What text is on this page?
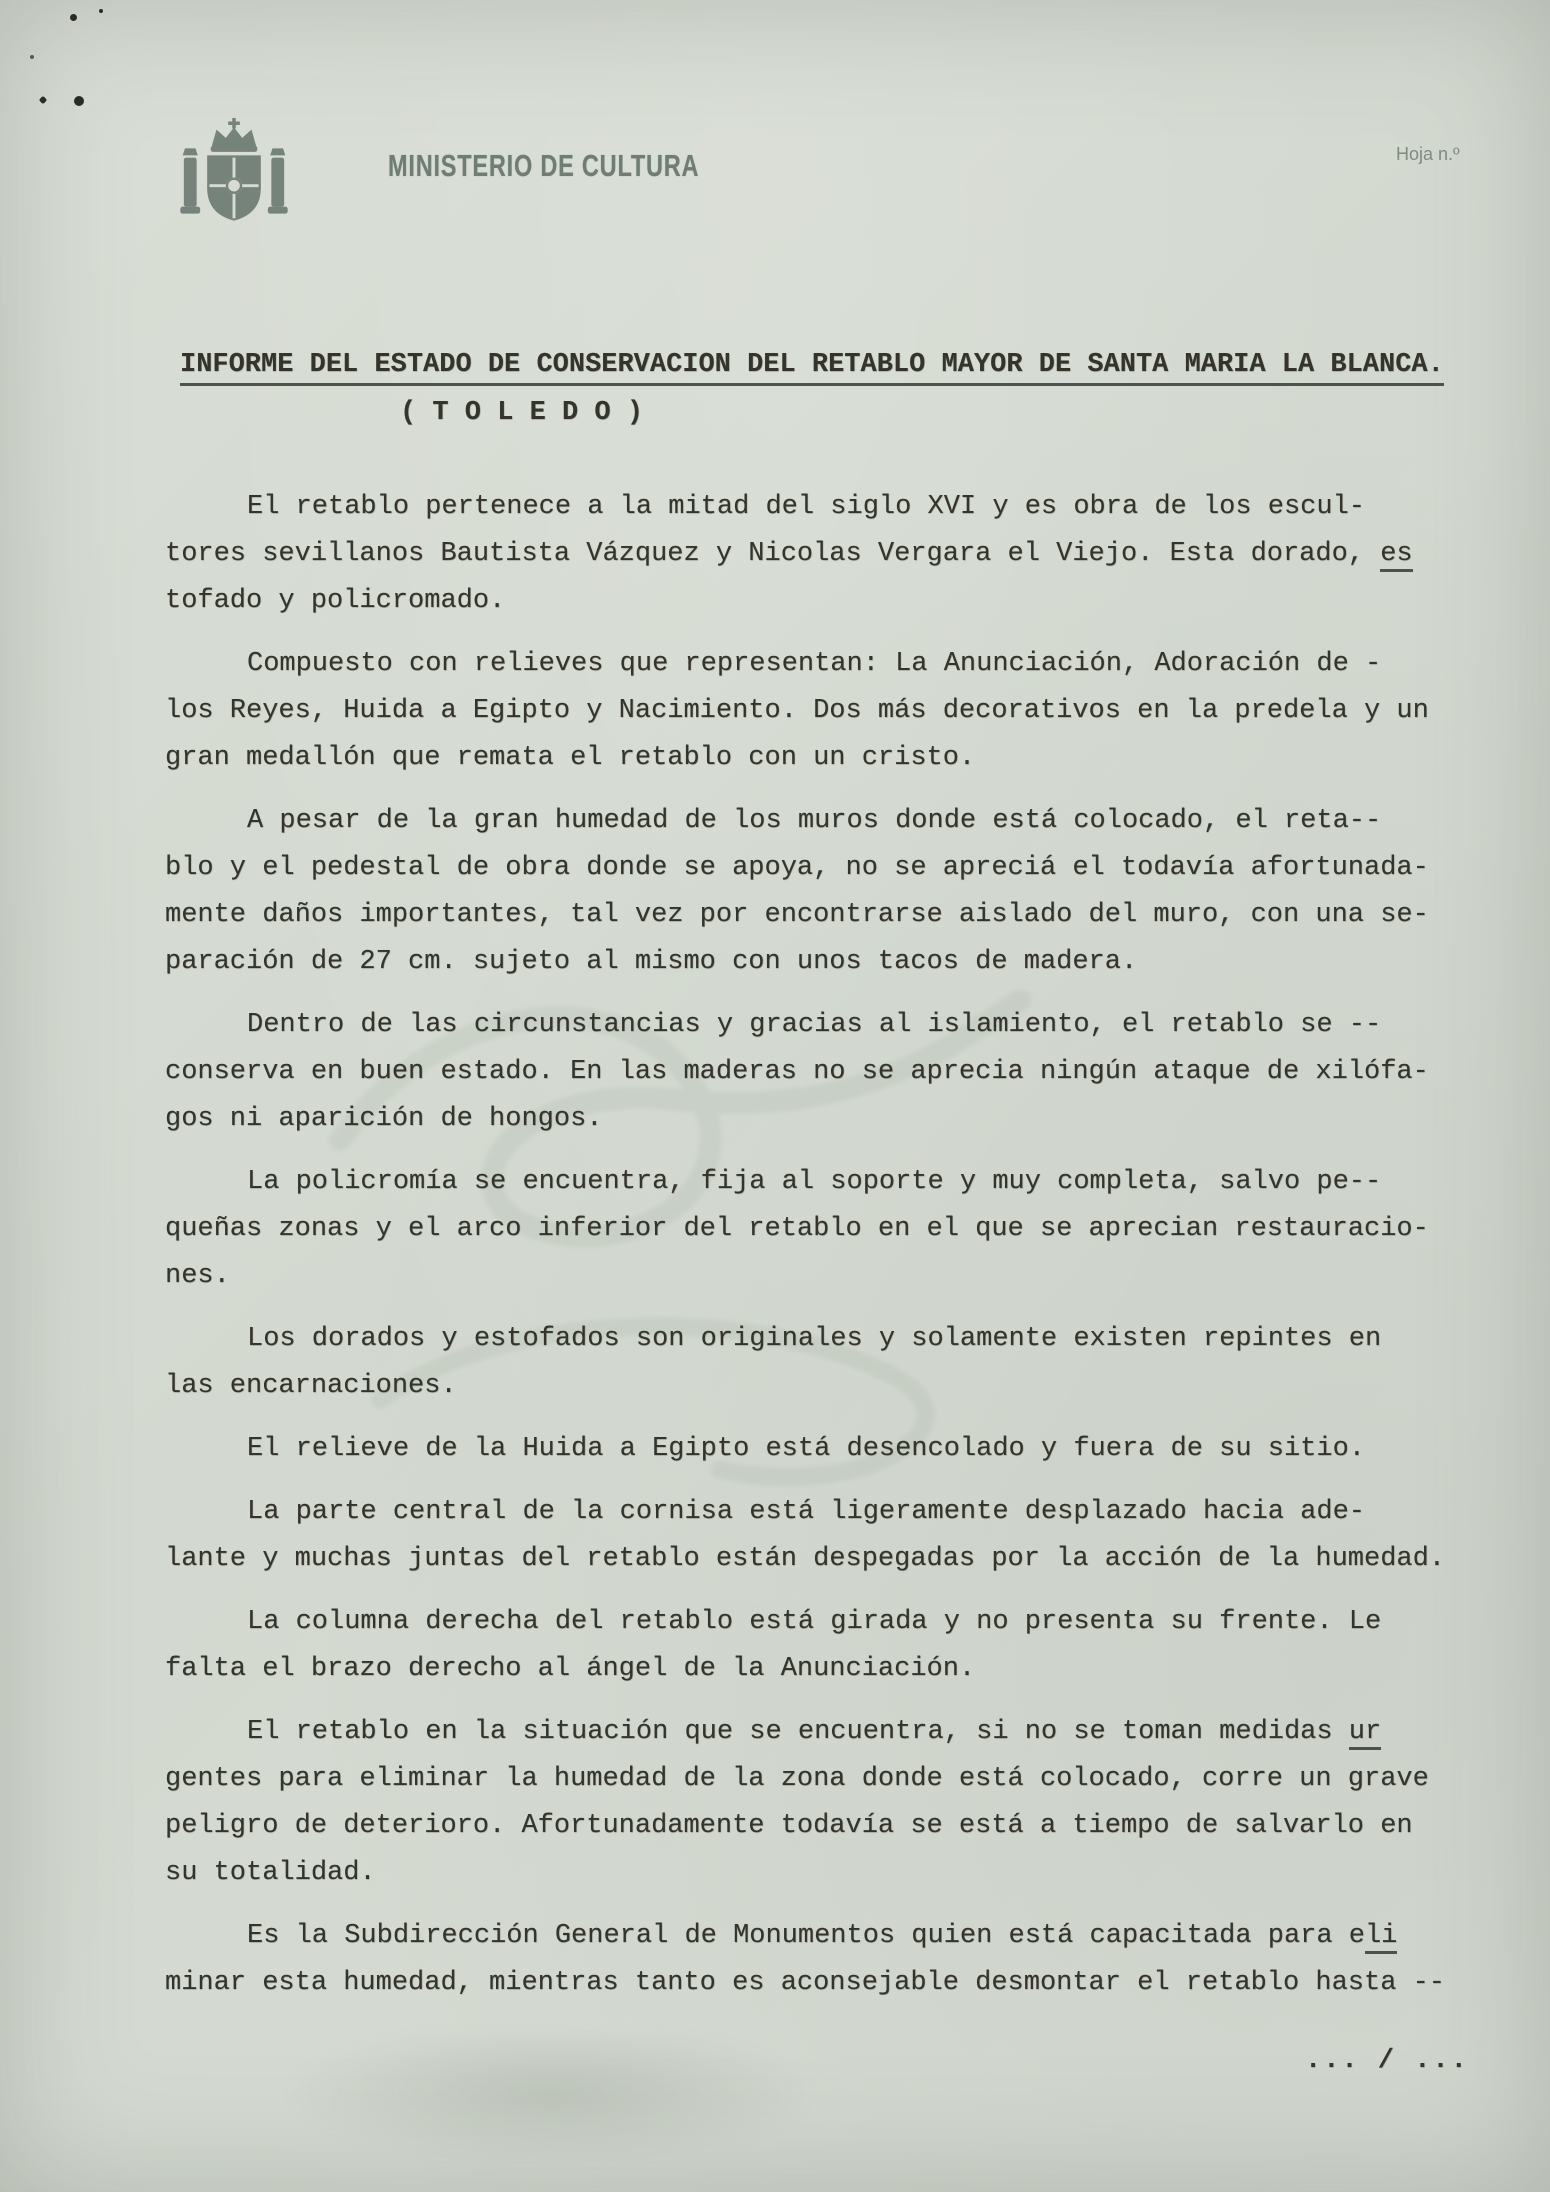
MINISTERIO DE CULTURA	Hoja n.º
INFORME DEL ESTADO DE CONSERVACION DEL RETABLO MAYOR DE SANTA MARIA LA BLANCA.
( T O L E D O )
El retablo pertenece a la mitad del siglo XVI y es obra de los escul-
tores sevillanos Bautista Vázquez y Nicolas Vergara el Viejo. Esta dorado, es
tofado y policromado.
Compuesto con relieves que representan: La Anunciación, Adoración de -
los Reyes, Huida a Egipto y Nacimiento. Dos más decorativos en la predela y un
gran medallón que remata el retablo con un cristo.
A pesar de la gran humedad de los muros donde está colocado, el reta--
blo y el pedestal de obra donde se apoya, no se apreciá el todavía afortunada-
mente daños importantes, tal vez por encontrarse aislado del muro, con una se-
paración de 27 cm. sujeto al mismo con unos tacos de madera.
Dentro de las circunstancias y gracias al islamiento, el retablo se --
conserva en buen estado. En las maderas no se aprecia ningún ataque de xilófa-
gos ni aparición de hongos.
La policromía se encuentra, fija al soporte y muy completa, salvo pe--
queñas zonas y el arco inferior del retablo en el que se aprecian restauracio-
nes.
Los dorados y estofados son originales y solamente existen repintes en
las encarnaciones.
El relieve de la Huida a Egipto está desencolado y fuera de su sitio.
La parte central de la cornisa está ligeramente desplazado hacia ade-
lante y muchas juntas del retablo están despegadas por la acción de la humedad.
La columna derecha del retablo está girada y no presenta su frente. Le
falta el brazo derecho al ángel de la Anunciación.
El retablo en la situación que se encuentra, si no se toman medidas ur
gentes para eliminar la humedad de la zona donde está colocado, corre un grave
peligro de deterioro. Afortunadamente todavía se está a tiempo de salvarlo en
su totalidad.
Es la Subdirección General de Monumentos quien está capacitada para eli
minar esta humedad, mientras tanto es aconsejable desmontar el retablo hasta --
... / ...
